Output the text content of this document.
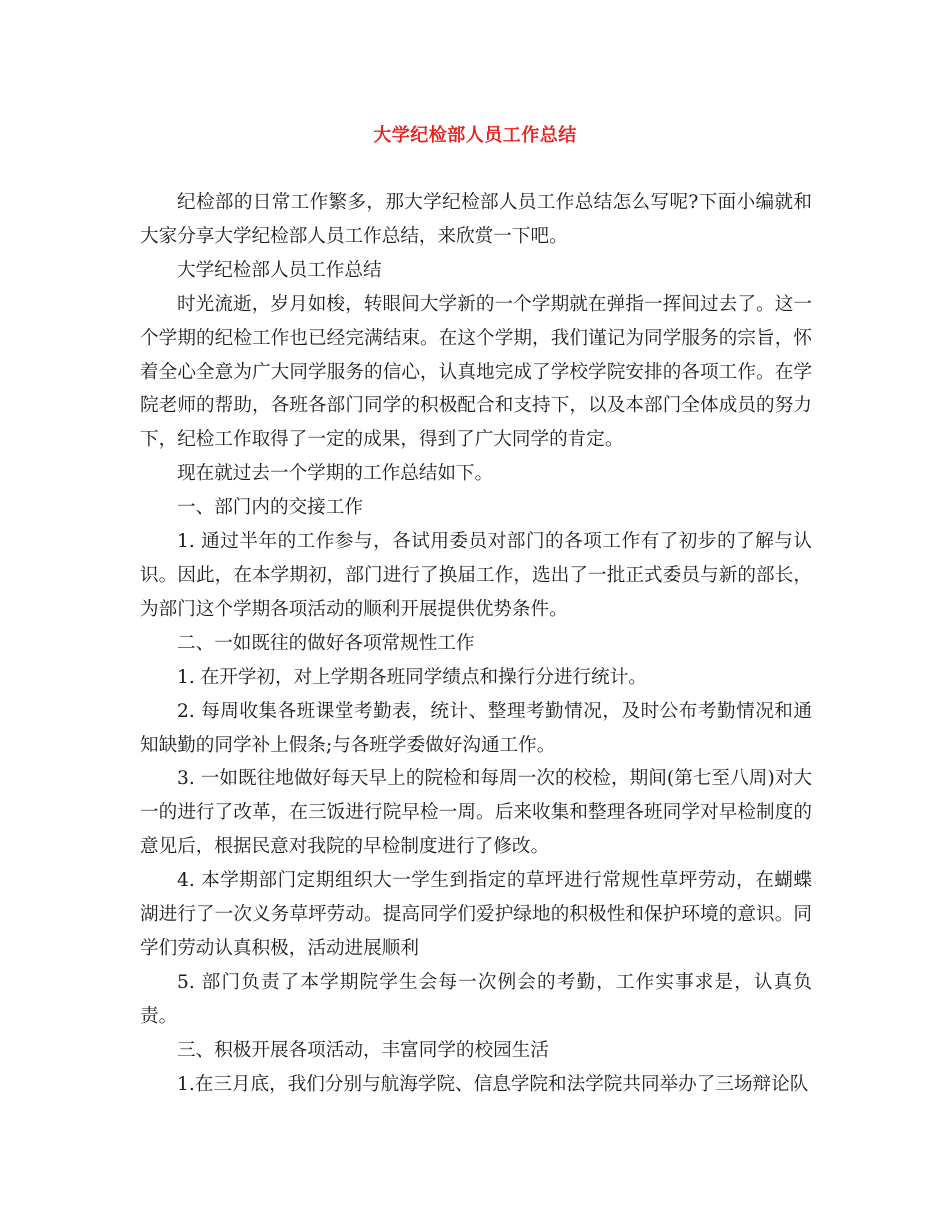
大学纪检部人员工作总结

纪检部的日常工作繁多，那大学纪检部人员工作总结怎么写呢?下面小编就和大家分享大学纪检部人员工作总结，来欣赏一下吧。

大学纪检部人员工作总结

时光流逝，岁月如梭，转眼间大学新的一个学期就在弹指一挥间过去了。这一个学期的纪检工作也已经完满结束。在这个学期，我们谨记为同学服务的宗旨，怀着全心全意为广大同学服务的信心，认真地完成了学校学院安排的各项工作。在学院老师的帮助，各班各部门同学的积极配合和支持下，以及本部门全体成员的努力下，纪检工作取得了一定的成果，得到了广大同学的肯定。

现在就过去一个学期的工作总结如下。

一、部门内的交接工作

1. 通过半年的工作参与，各试用委员对部门的各项工作有了初步的了解与认识。因此，在本学期初，部门进行了换届工作，选出了一批正式委员与新的部长，为部门这个学期各项活动的顺利开展提供优势条件。

二、一如既往的做好各项常规性工作

1. 在开学初，对上学期各班同学绩点和操行分进行统计。

2. 每周收集各班课堂考勤表，统计、整理考勤情况，及时公布考勤情况和通知缺勤的同学补上假条;与各班学委做好沟通工作。

3. 一如既往地做好每天早上的院检和每周一次的校检，期间(第七至八周)对大一的进行了改革，在三饭进行院早检一周。后来收集和整理各班同学对早检制度的意见后，根据民意对我院的早检制度进行了修改。

4. 本学期部门定期组织大一学生到指定的草坪进行常规性草坪劳动，在蝴蝶湖进行了一次义务草坪劳动。提高同学们爱护绿地的积极性和保护环境的意识。同学们劳动认真积极，活动进展顺利

5. 部门负责了本学期院学生会每一次例会的考勤，工作实事求是，认真负责。

三、积极开展各项活动，丰富同学的校园生活

1.在三月底，我们分别与航海学院、信息学院和法学院共同举办了三场辩论队
